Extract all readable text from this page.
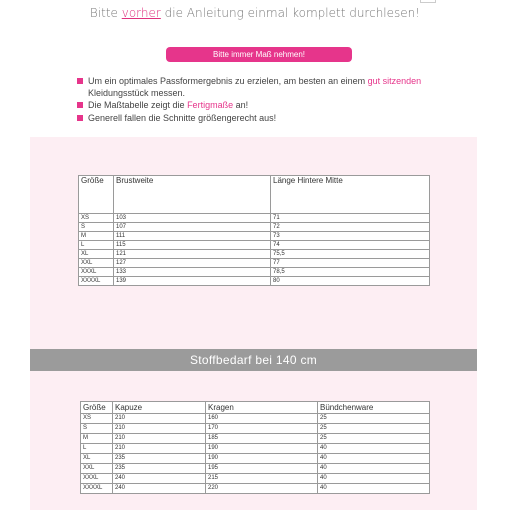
Bitte vorher die Anleitung einmal komplett durchlesen!
Bitte immer Maß nehmen!
Um ein optimales Passformergebnis zu erzielen, am besten an einem gut sitzenden Kleidungsstück messen.
Die Maßtabelle zeigt die Fertigmaße an!
Generell fallen die Schnitte größengerecht aus!
Stoffbedarf bei 140 cm
Größe	Brustweite	Länge Hintere Mitte
XS	103	71
S	107	72
M	111	73
L	115	74
XL	121	75,5
XXL	127	77
XXXL	133	78,5
XXXXL	139	80
Größe	Kapuze	Kragen	Bündchenware
XS	210	160	25
S	210	170	25
M	210	185	25
L	210	190	40
XL	235	190	40
XXL	235	195	40
XXXL	240	215	40
XXXXL	240	220	40
